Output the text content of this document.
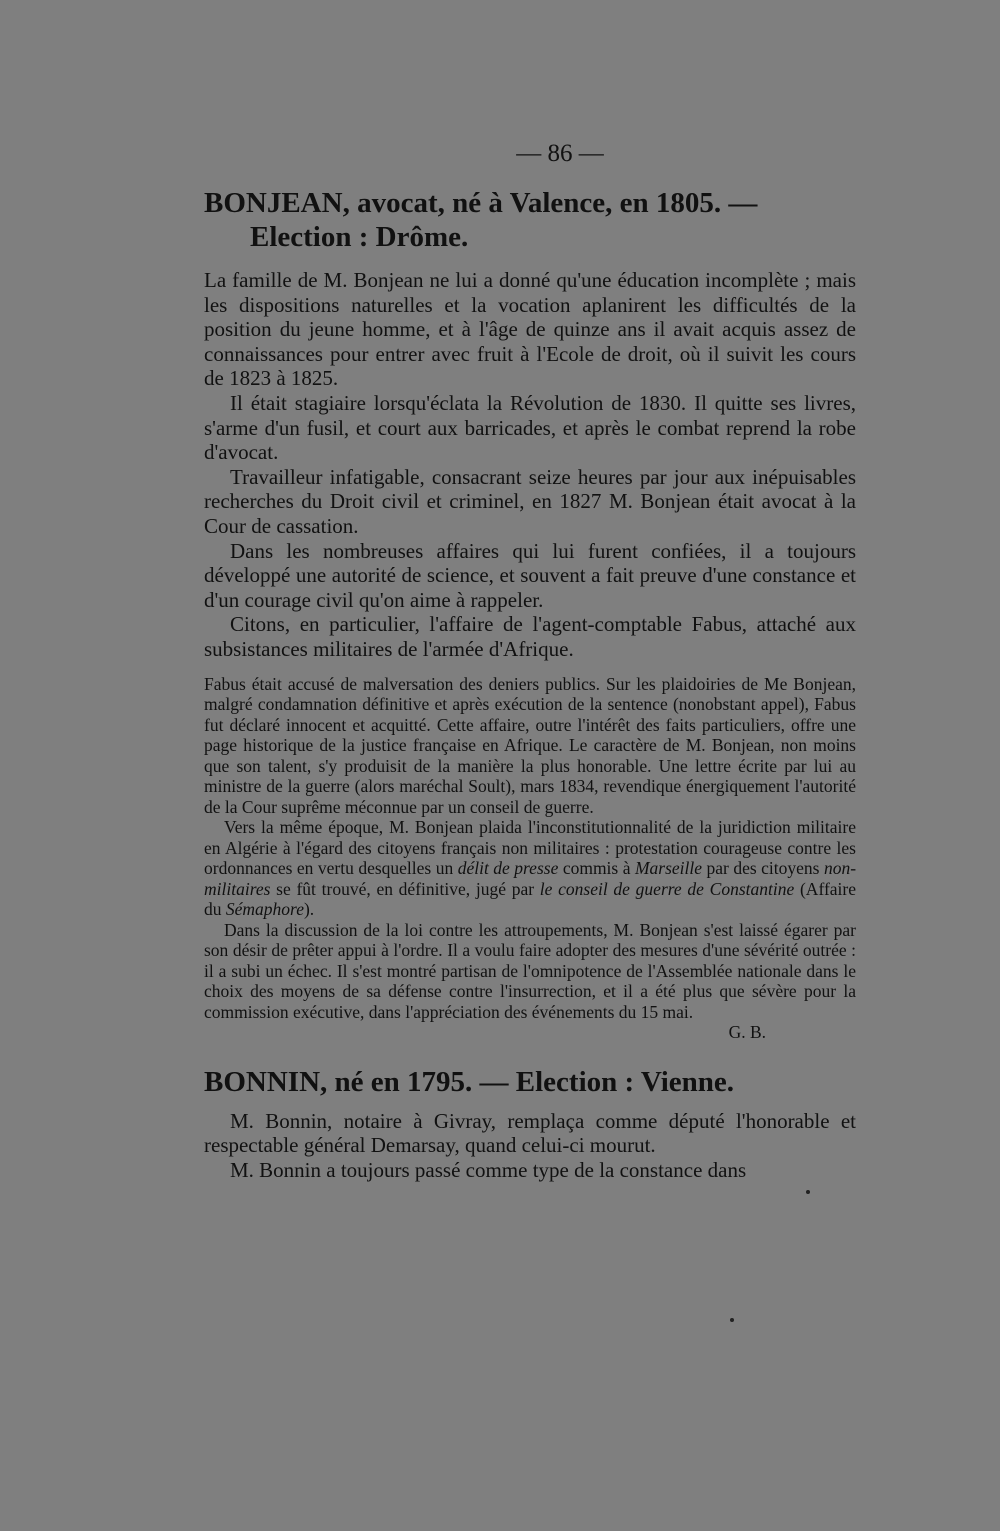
— 86 —
BONJEAN, avocat, né à Valence, en 1805. — Election : Drôme.

La famille de M. Bonjean ne lui a donné qu'une éducation incomplète ; mais les dispositions naturelles et la vocation aplanirent les difficultés de la position du jeune homme, et à l'âge de quinze ans il avait acquis assez de connaissances pour entrer avec fruit à l'Ecole de droit, où il suivit les cours de 1823 à 1825.

Il était stagiaire lorsqu'éclata la Révolution de 1830. Il quitte ses livres, s'arme d'un fusil, et court aux barricades, et après le combat reprend la robe d'avocat.

Travailleur infatigable, consacrant seize heures par jour aux inépuisables recherches du Droit civil et criminel, en 1827 M. Bonjean était avocat à la Cour de cassation.

Dans les nombreuses affaires qui lui furent confiées, il a toujours développé une autorité de science, et souvent a fait preuve d'une constance et d'un courage civil qu'on aime à rappeler.

Citons, en particulier, l'affaire de l'agent-comptable Fabus, attaché aux subsistances militaires de l'armée d'Afrique.

Fabus était accusé de malversation des deniers publics. Sur les plaidoiries de Me Bonjean, malgré condamnation définitive et après exécution de la sentence (nonobstant appel), Fabus fut déclaré innocent et acquitté. Cette affaire, outre l'intérêt des faits particuliers, offre une page historique de la justice française en Afrique. Le caractère de M. Bonjean, non moins que son talent, s'y produisit de la manière la plus honorable. Une lettre écrite par lui au ministre de la guerre (alors maréchal Soult), mars 1834, revendique énergiquement l'autorité de la Cour suprême méconnue par un conseil de guerre.

Vers la même époque, M. Bonjean plaida l'inconstitutionnalité de la juridiction militaire en Algérie à l'égard des citoyens français non militaires : protestation courageuse contre les ordonnances en vertu desquelles un délit de presse commis à Marseille par des citoyens non-militaires se fût trouvé, en définitive, jugé par le conseil de guerre de Constantine (Affaire du Sémaphore).

Dans la discussion de la loi contre les attroupements, M. Bonjean s'est laissé égarer par son désir de prêter appui à l'ordre. Il a voulu faire adopter des mesures d'une sévérité outrée : il a subi un échec. Il s'est montré partisan de l'omnipotence de l'Assemblée nationale dans le choix des moyens de sa défense contre l'insurrection, et il a été plus que sévère pour la commission exécutive, dans l'appréciation des événements du 15 mai.

G. B.
BONNIN, né en 1795. — Election : Vienne.

M. Bonnin, notaire à Givray, remplaça comme député l'honorable et respectable général Demarsay, quand celui-ci mourut.

M. Bonnin a toujours passé comme type de la constance dans
